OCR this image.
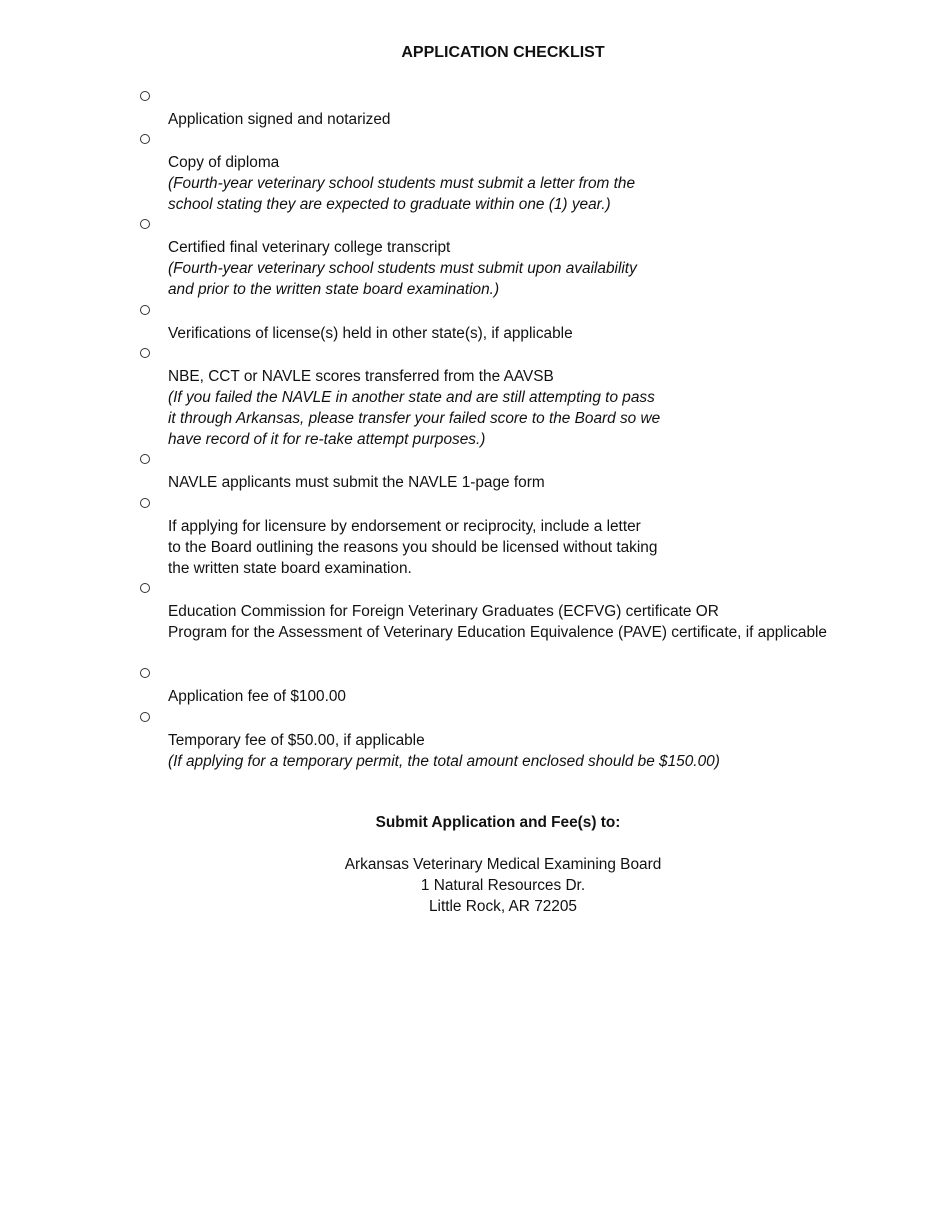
APPLICATION CHECKLIST

Application signed and notarized

Copy of diploma

(Fourth-year veterinary school students must submit a letter from the
school stating they are expected to graduate within one (1) year.)

Certified final veterinary college transcript

(Fourth-year veterinary school students must submit upon availability
and prior to the written state board examination.)

Verifications of license(s) held in other state(s), if applicable

NBE, CCT or NAVLE scores transferred from the AAVSB

(If you failed the NAVLE in another state and are still attempting to pass
it through Arkansas, please transfer your failed score to the Board so we
have record of it for re-take attempt purposes.)

NAVLE applicants must submit the NAVLE 1-page form

If applying for licensure by endorsement or reciprocity, include a letter
to the Board outlining the reasons you should be licensed without taking
the written state board examination.

Education Commission for Foreign Veterinary Graduates (ECFVG) certificate OR
Program for the Assessment of Veterinary Education Equivalence (PAVE) certificate, if applicable

Application fee of $100.00

Temporary fee of $50.00, if applicable

(If applying for a temporary permit, the total amount enclosed should be $150.00)

Submit Application and Fee(s) to:
Arkansas Veterinary Medical Examining Board
1 Natural Resources Dr.
Little Rock, AR 72205
